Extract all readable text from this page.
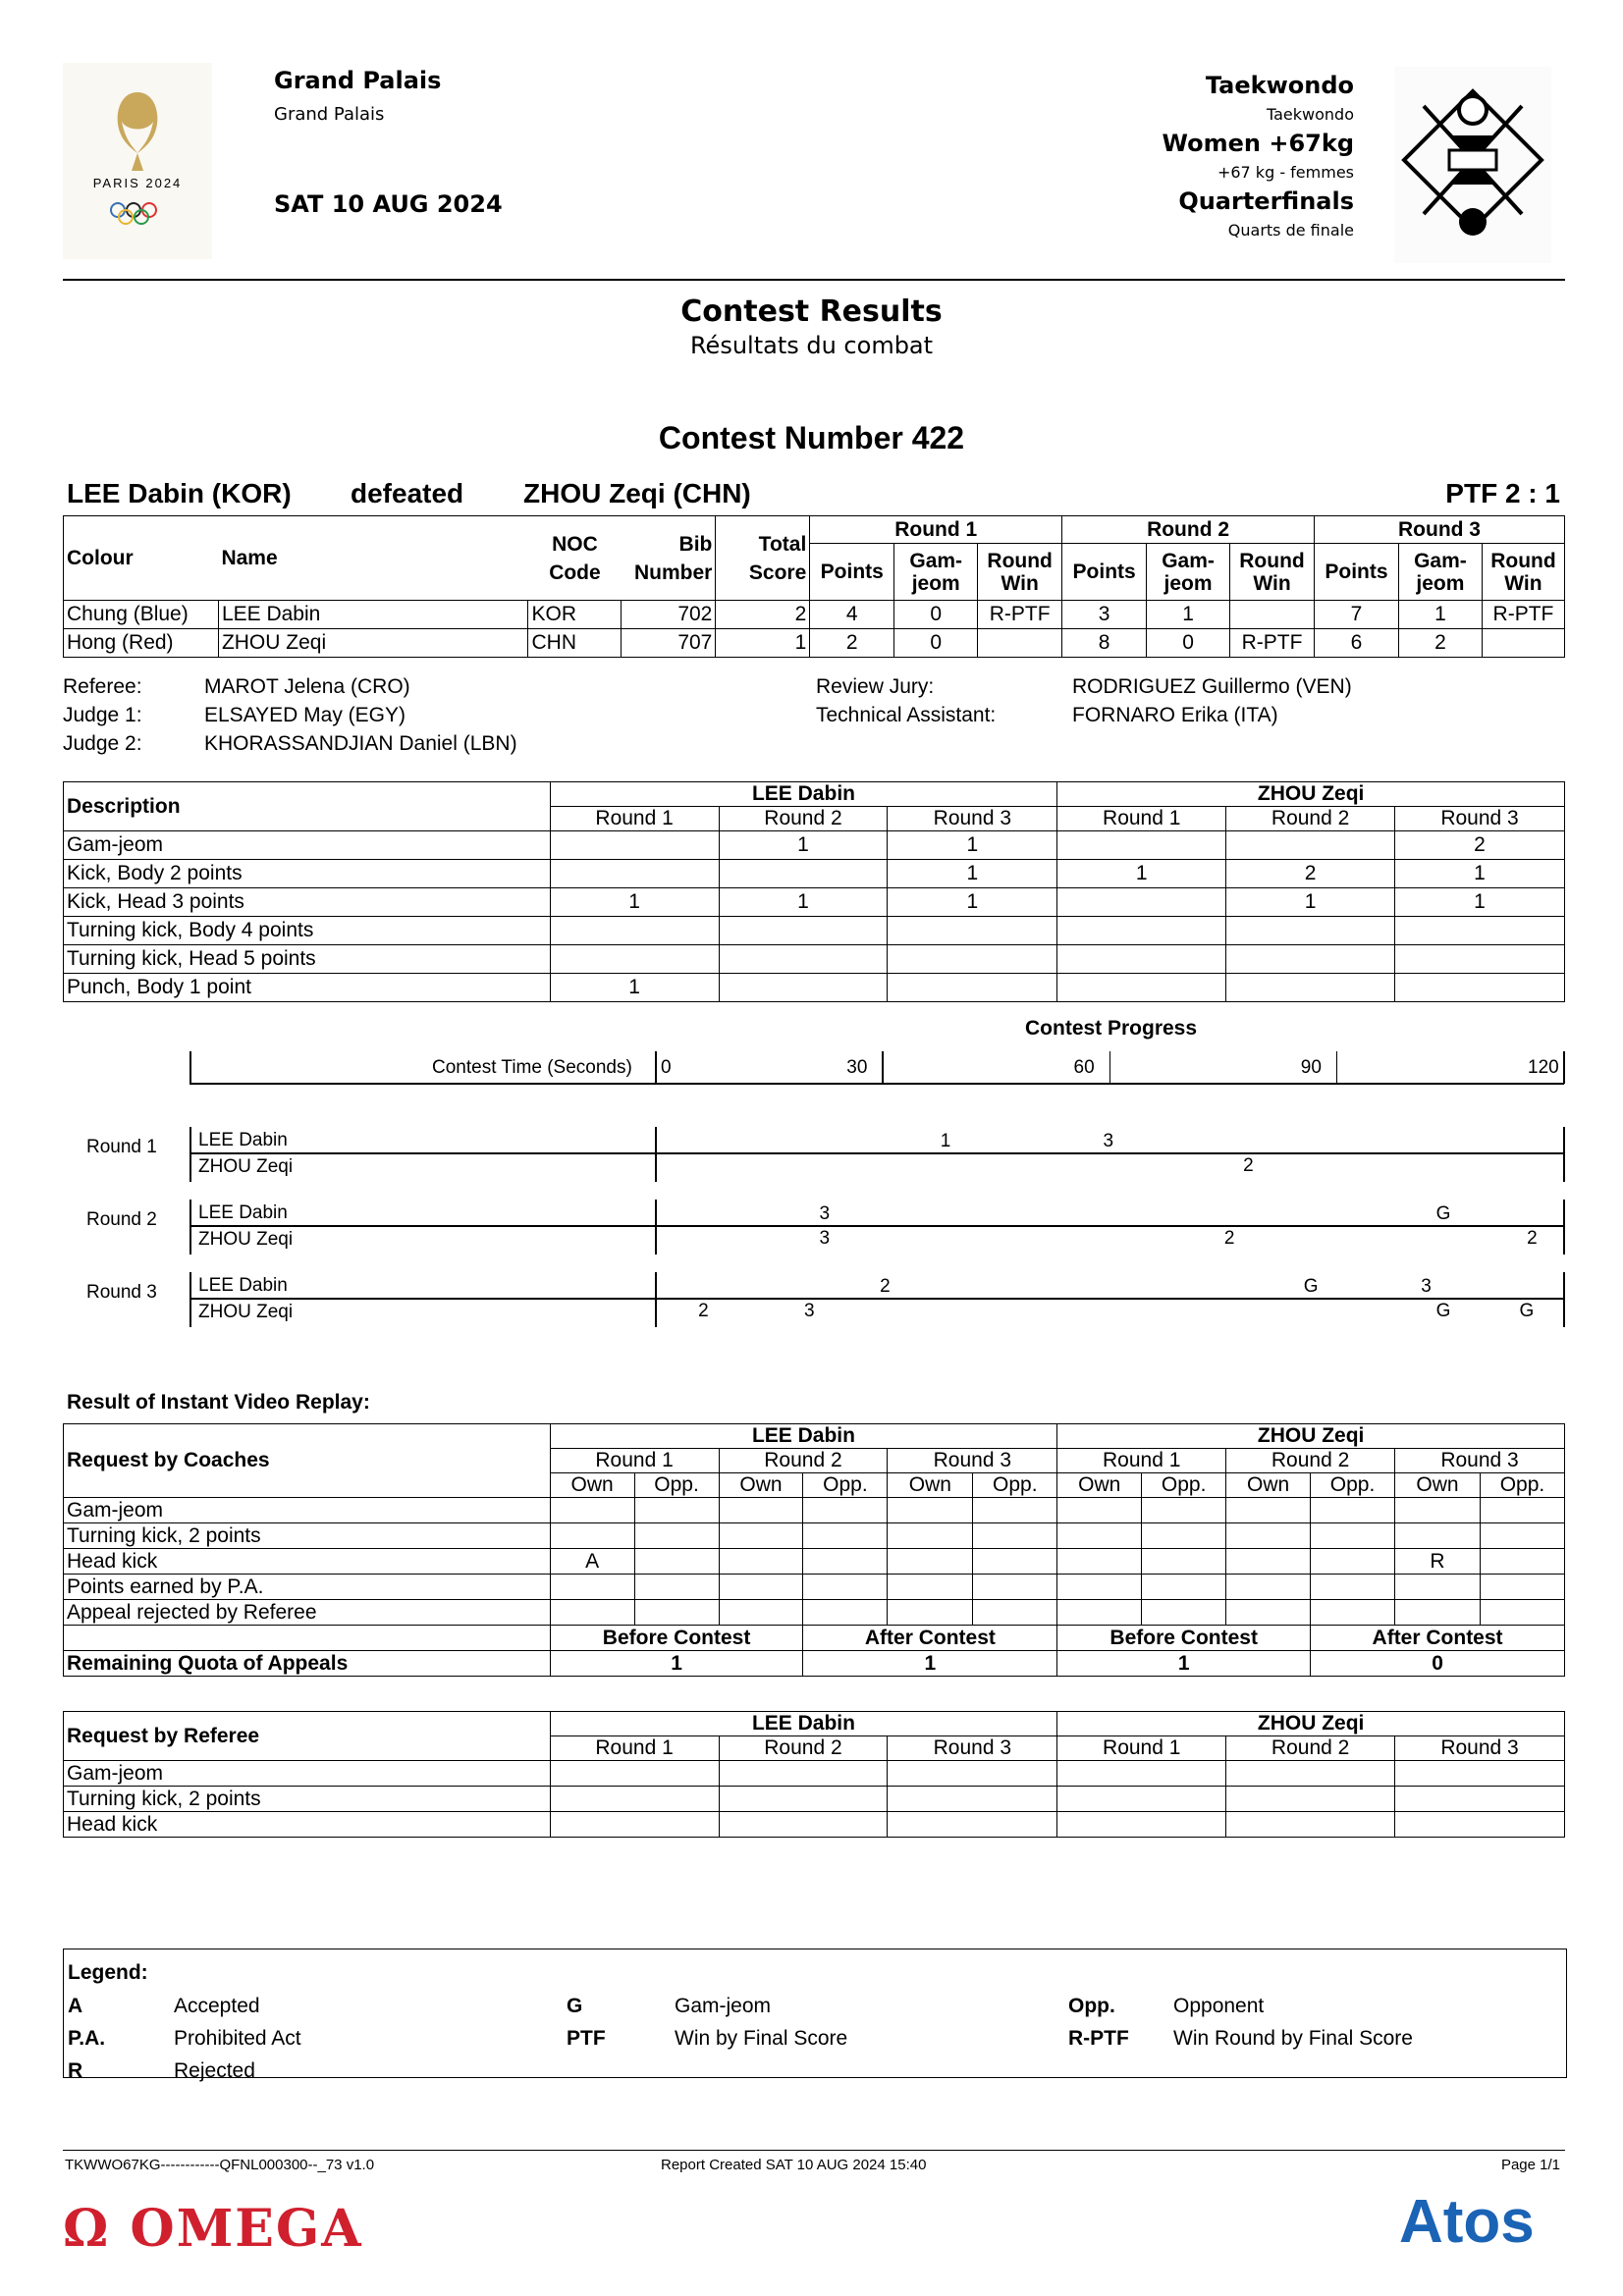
PARIS 2024
Grand Palais
Grand Palais
SAT 10 AUG 2024
Taekwondo
Taekwondo
Women +67kg
+67 kg - femmes
Quarterfinals
Quarts de finale
Contest Results
Résultats du combat
Contest Number 422
LEE Dabin (KOR) defeated ZHOU Zeqi (CHN)	PTF 2 : 1
Colour	Name	NOC Code	Bib Number	Total Score	Round 1			Round 2			Round 3		
					Points	Gam-jeom	Round Win	Points	Gam-jeom	Round Win	Points	Gam-jeom	Round Win
Chung (Blue)	LEE Dabin	KOR	702	2	4	0	R-PTF	3	1		7	1	R-PTF
Hong (Red)	ZHOU Zeqi	CHN	707	1	2	0		8	0	R-PTF	6	2	
Referee:	MAROT Jelena (CRO)
Judge 1:	ELSAYED May (EGY)
Judge 2:	KHORASSANDJIAN Daniel (LBN)
Review Jury:	RODRIGUEZ Guillermo (VEN)
Technical Assistant:	FORNARO Erika (ITA)
Description	LEE Dabin			ZHOU Zeqi		
	Round 1	Round 2	Round 3	Round 1	Round 2	Round 3
Gam-jeom		1	1			2
Kick, Body 2 points			1	1	2	1
Kick, Head 3 points	1	1	1		1	1
Turning kick, Body 4 points						
Turning kick, Head 5 points						
Punch, Body 1 point	1					
Contest Progress
Contest Time (Seconds) 0	30	60	90	120
Round 1 LEE Dabin
ZHOU Zeqi
1	3
2
Round 2 LEE Dabin
ZHOU Zeqi
3	G
3	2	2
Round 3 LEE Dabin
ZHOU Zeqi
2	G	3
2	3	G	G
Result of Instant Video Replay:
Request by Coaches	LEE Dabin						ZHOU Zeqi					
	Round 1		Round 2		Round 3		Round 1		Round 2		Round 3	
	Own	Opp.	Own	Opp.	Own	Opp.	Own	Opp.	Own	Opp.	Own	Opp.
Gam-jeom												
Turning kick, 2 points												
Head kick	A										R	
Points earned by P.A.												
Appeal rejected by Referee												
	Before Contest			After Contest			Before Contest			After Contest		
Remaining Quota of Appeals	1			1			1			0		
Request by Referee	LEE Dabin			ZHOU Zeqi		
	Round 1	Round 2	Round 3	Round 1	Round 2	Round 3
Gam-jeom						
Turning kick, 2 points						
Head kick						
Legend:
A	Accepted	G	Gam-jeom	Opp.	Opponent
P.A.	Prohibited Act	PTF	Win by Final Score	R-PTF Win Round by Final Score
R	Rejected
TKWWO67KG------------QFNL000300--_73 v1.0	Report Created SAT 10 AUG 2024 15:40	Page 1/1
Ω OMEGA	Atos
